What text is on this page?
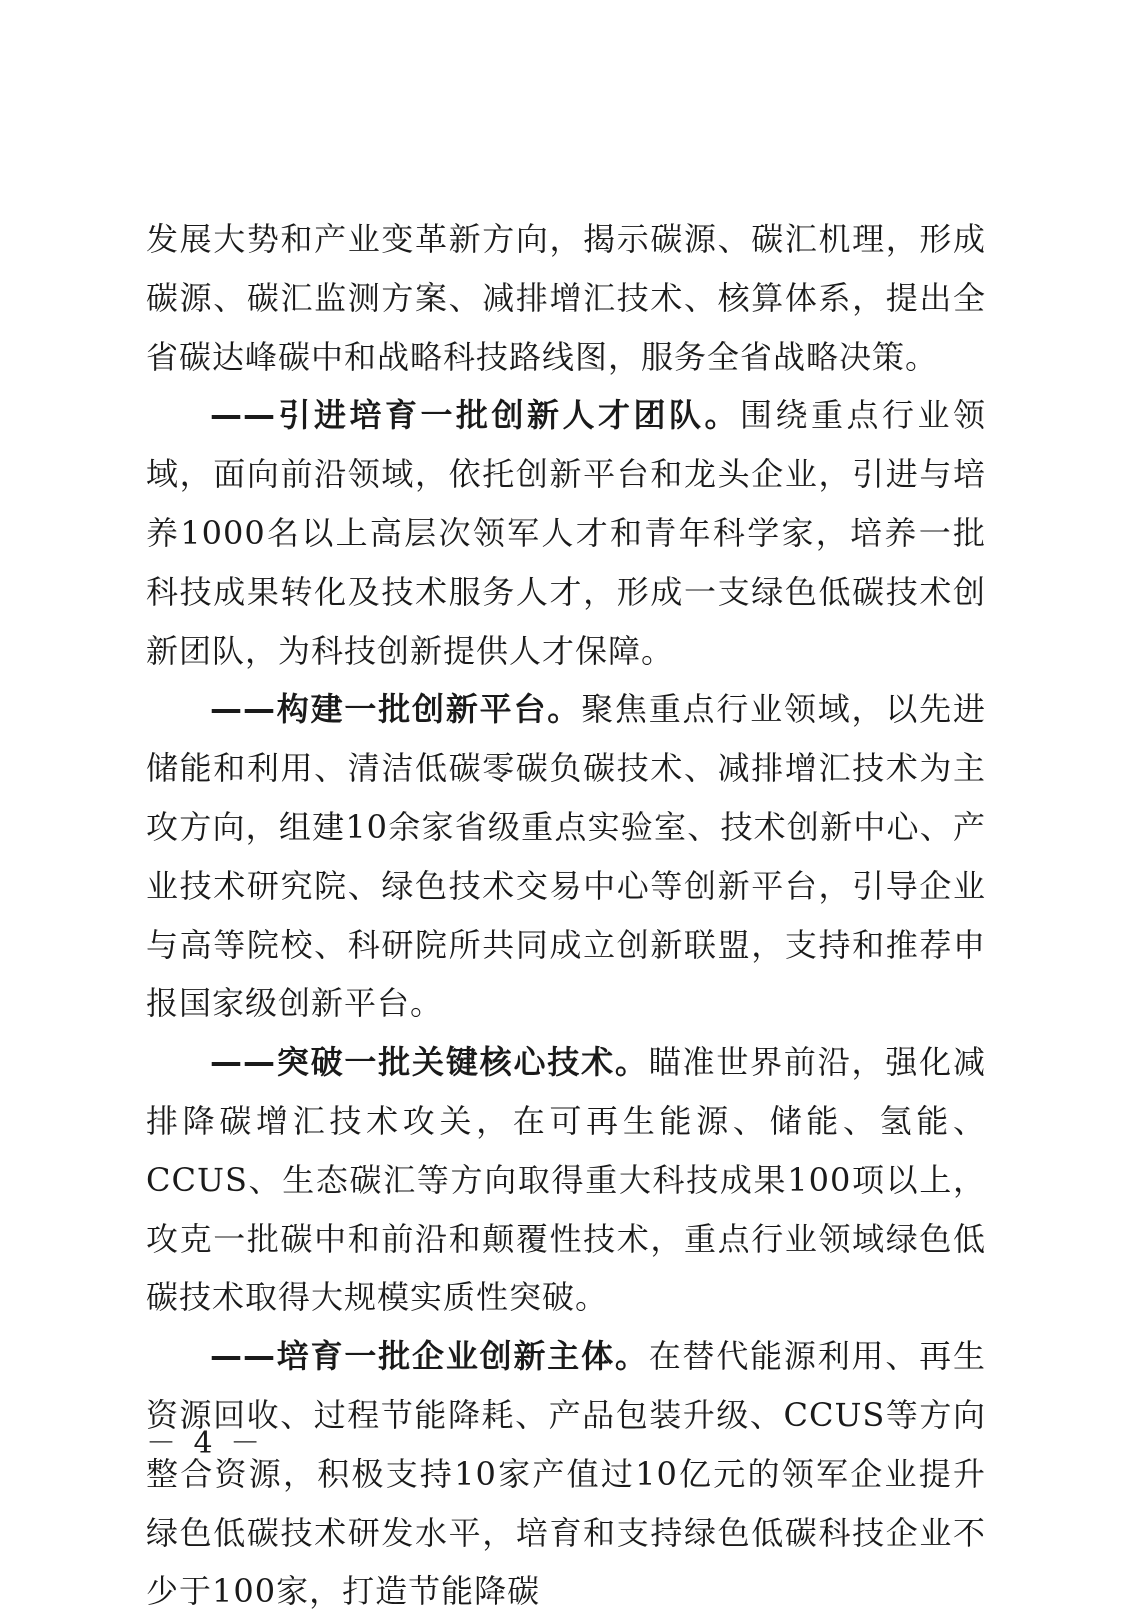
发展大势和产业变革新方向，揭示碳源、碳汇机理，形成碳源、碳汇监测方案、减排增汇技术、核算体系，提出全省碳达峰碳中和战略科技路线图，服务全省战略决策。

——引进培育一批创新人才团队。围绕重点行业领域，面向前沿领域，依托创新平台和龙头企业，引进与培养1000名以上高层次领军人才和青年科学家，培养一批科技成果转化及技术服务人才，形成一支绿色低碳技术创新团队，为科技创新提供人才保障。

——构建一批创新平台。聚焦重点行业领域，以先进储能和利用、清洁低碳零碳负碳技术、减排增汇技术为主攻方向，组建10余家省级重点实验室、技术创新中心、产业技术研究院、绿色技术交易中心等创新平台，引导企业与高等院校、科研院所共同成立创新联盟，支持和推荐申报国家级创新平台。

——突破一批关键核心技术。瞄准世界前沿，强化减排降碳增汇技术攻关，在可再生能源、储能、氢能、CCUS、生态碳汇等方向取得重大科技成果100项以上，攻克一批碳中和前沿和颠覆性技术，重点行业领域绿色低碳技术取得大规模实质性突破。

——培育一批企业创新主体。在替代能源利用、再生资源回收、过程节能降耗、产品包装升级、CCUS等方向整合资源，积极支持10家产值过10亿元的领军企业提升绿色低碳技术研发水平，培育和支持绿色低碳科技企业不少于100家，打造节能降碳

－ 4 －
